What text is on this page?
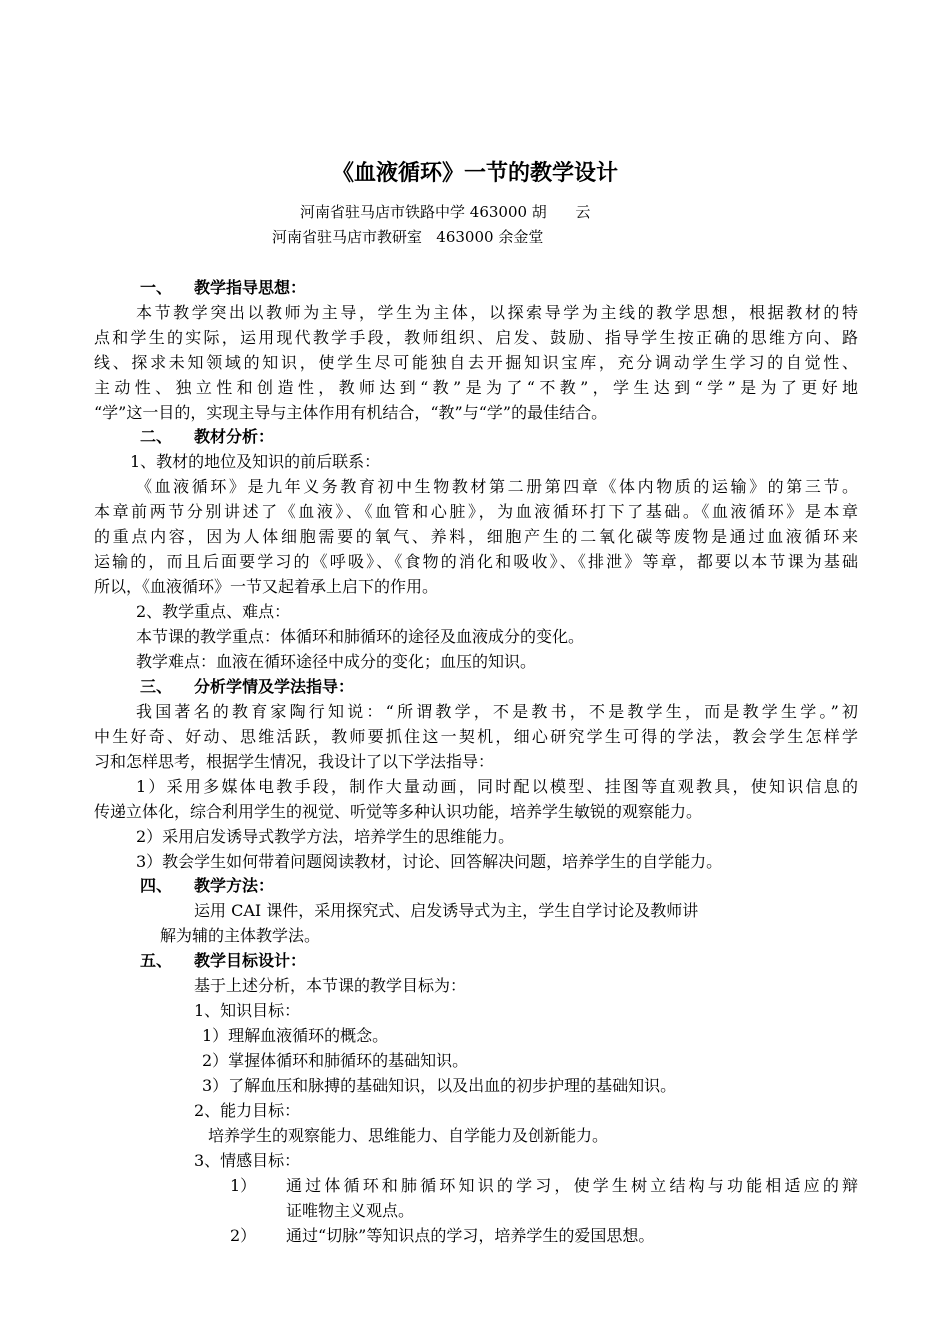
《血液循环》一节的教学设计
河南省驻马店市铁路中学 463000 胡      云
河南省驻马店市教研室   463000 余金堂
一、 教学指导思想：
本节教学突出以教师为主导，学生为主体，以探索导学为主线的教学思想，根据教材的特
点和学生的实际，运用现代教学手段，教师组织、启发、鼓励、指导学生按正确的思维方向、路
线、探求未知领域的知识，使学生尽可能独自去开掘知识宝库，充分调动学生学习的自觉性、
主动性、独立性和创造性，教师达到“教”是为了“不教”，学生达到“学”是为了更好地
“学”这一目的，实现主导与主体作用有机结合，“教”与“学”的最佳结合。
二、 教材分析：
1、教材的地位及知识的前后联系：
《血液循环》是九年义务教育初中生物教材第二册第四章《体内物质的运输》的第三节。
本章前两节分别讲述了《血液》、《血管和心脏》，为血液循环打下了基础。《血液循环》是本章
的重点内容，因为人体细胞需要的氧气、养料，细胞产生的二氧化碳等废物是通过血液循环来
运输的，而且后面要学习的《呼吸》、《食物的消化和吸收》、《排泄》等章，都要以本节课为基础
所以，《血液循环》一节又起着承上启下的作用。
2、教学重点、难点：
本节课的教学重点：体循环和肺循环的途径及血液成分的变化。
教学难点：血液在循环途径中成分的变化；血压的知识。
三、 分析学情及学法指导：
我国著名的教育家陶行知说：“所谓教学，不是教书，不是教学生，而是教学生学。”初
中生好奇、好动、思维活跃，教师要抓住这一契机，细心研究学生可得的学法，教会学生怎样学
习和怎样思考，根据学生情况，我设计了以下学法指导：
1）采用多媒体电教手段，制作大量动画，同时配以模型、挂图等直观教具，使知识信息的
传递立体化，综合利用学生的视觉、听觉等多种认识功能，培养学生敏锐的观察能力。
2）采用启发诱导式教学方法，培养学生的思维能力。
3）教会学生如何带着问题阅读教材，讨论、回答解决问题，培养学生的自学能力。
四、 教学方法：
运用 CAI 课件，采用探究式、启发诱导式为主，学生自学讨论及教师讲
解为辅的主体教学法。
五、 教学目标设计：
基于上述分析，本节课的教学目标为：
1、知识目标：
1）理解血液循环的概念。
2）掌握体循环和肺循环的基础知识。
3）了解血压和脉搏的基础知识，以及出血的初步护理的基础知识。
2、能力目标：
培养学生的观察能力、思维能力、自学能力及创新能力。
3、情感目标：
1） 通过体循环和肺循环知识的学习，使学生树立结构与功能相适应的辩
证唯物主义观点。
2） 通过“切脉”等知识点的学习，培养学生的爱国思想。
